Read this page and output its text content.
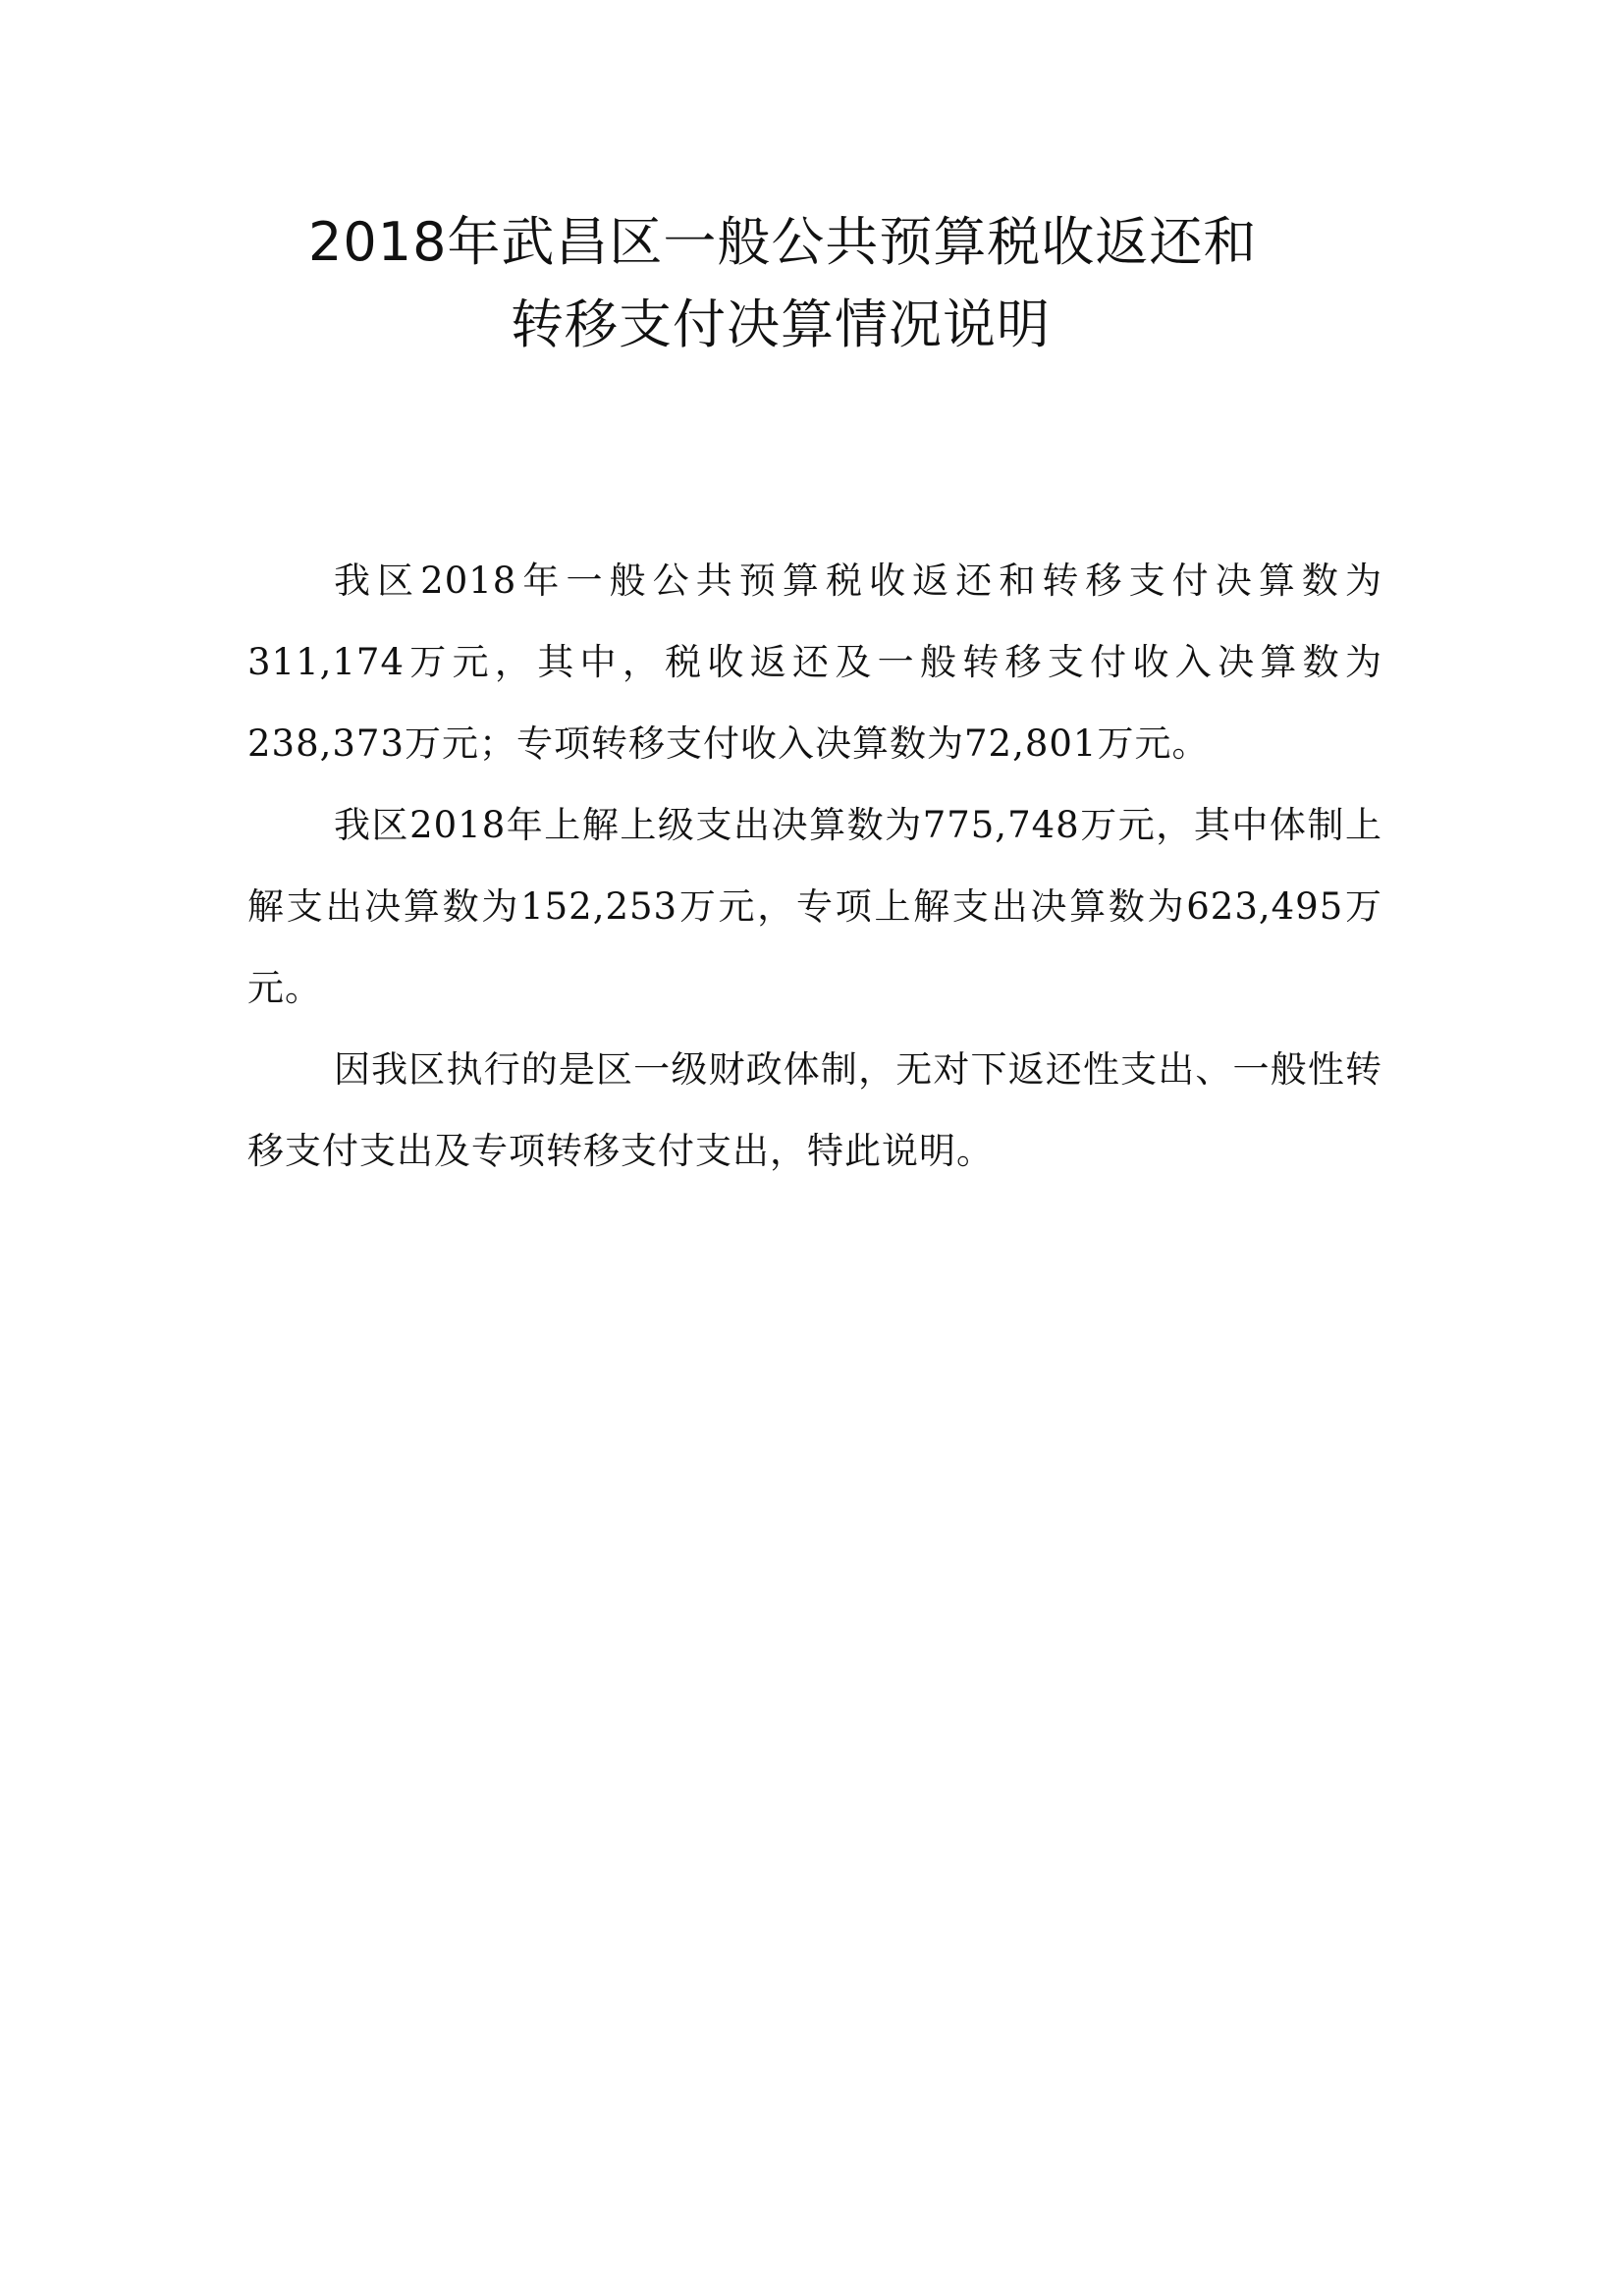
2018年武昌区一般公共预算税收返还和
转移支付决算情况说明

我区2018年一般公共预算税收返还和转移支付决算数为311,174万元，其中，税收返还及一般转移支付收入决算数为238,373万元；专项转移支付收入决算数为72,801万元。

我区2018年上解上级支出决算数为775,748万元，其中体制上解支出决算数为152,253万元，专项上解支出决算数为623,495万元。

因我区执行的是区一级财政体制，无对下返还性支出、一般性转移支付支出及专项转移支付支出，特此说明。
